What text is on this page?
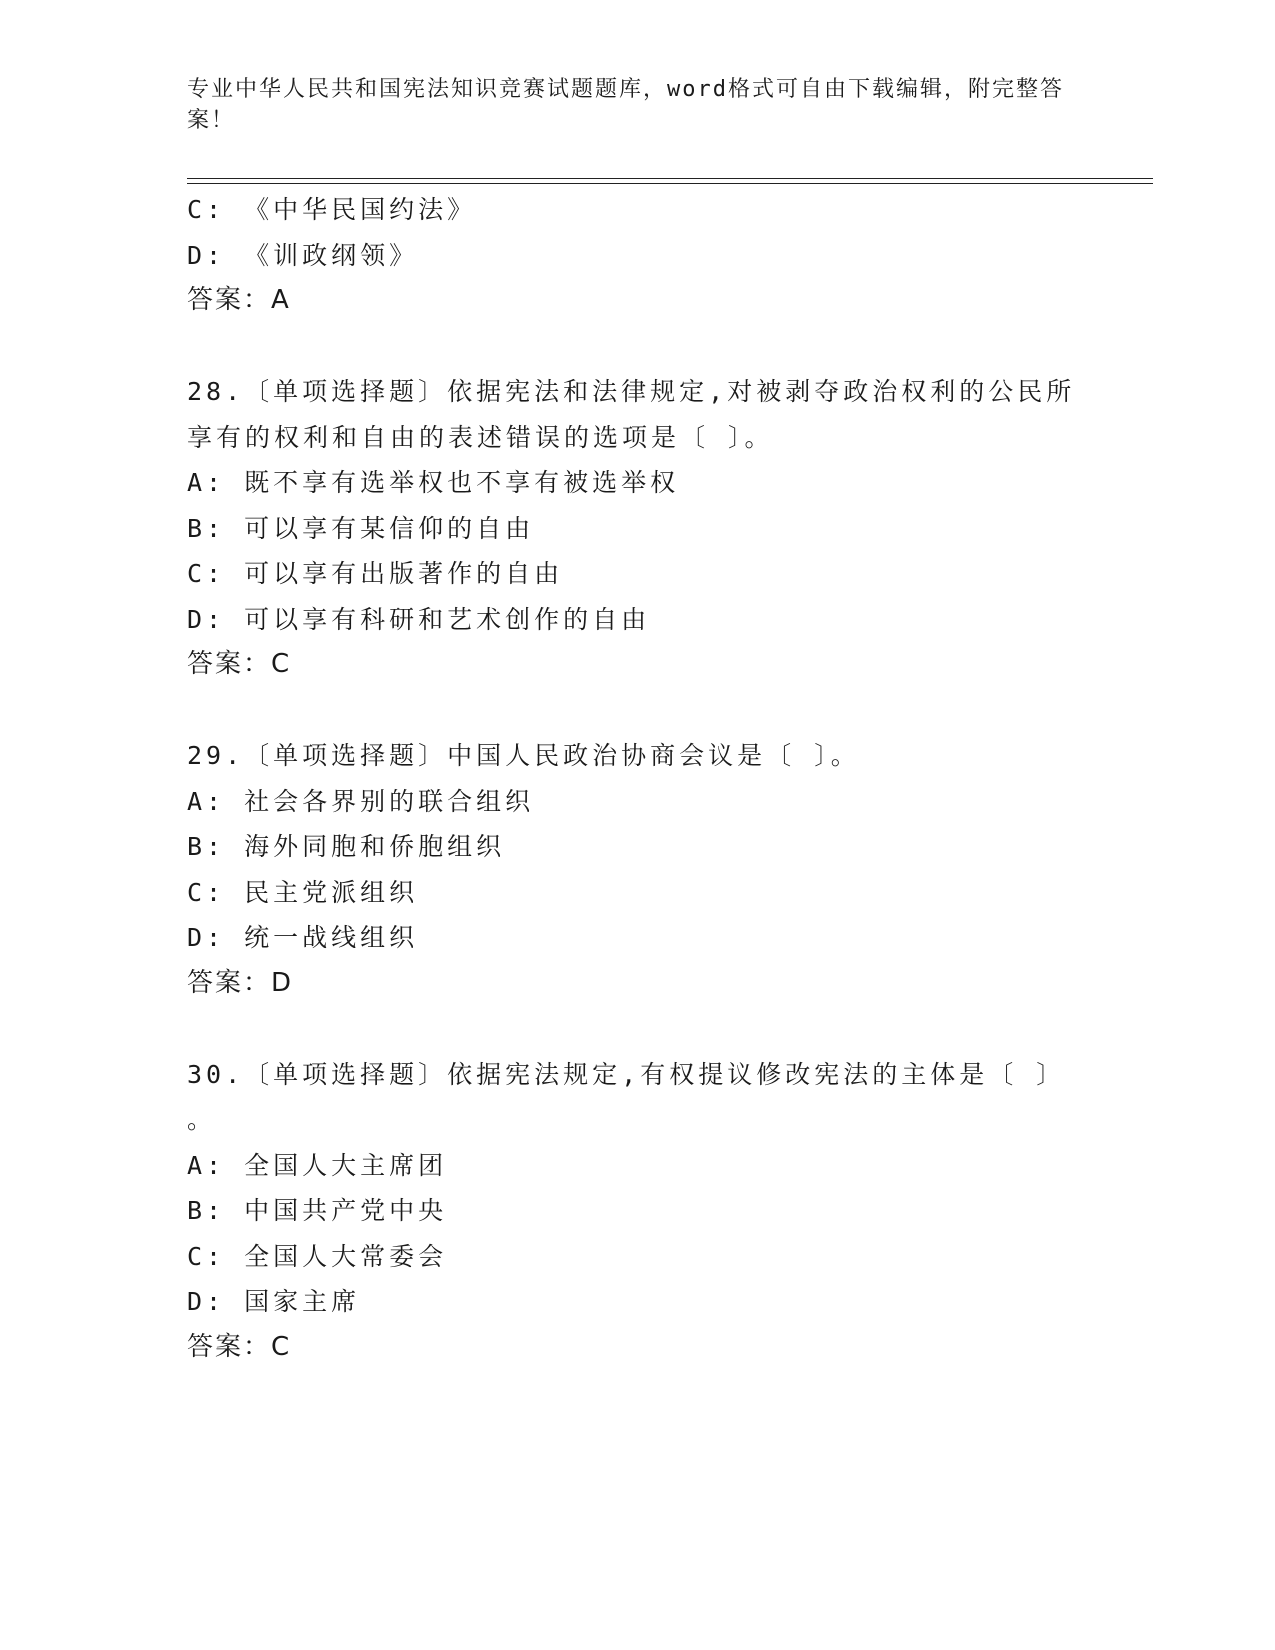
专业中华人民共和国宪法知识竞赛试题题库，word格式可自由下载编辑，附完整答案！
C: 《中华民国约法》
D: 《训政纲领》
答案：A
28.〔单项选择题〕依据宪法和法律规定,对被剥夺政治权利的公民所
享有的权利和自由的表述错误的选项是〔 〕。
A: 既不享有选举权也不享有被选举权
B: 可以享有某信仰的自由
C: 可以享有出版著作的自由
D: 可以享有科研和艺术创作的自由
答案：C
29.〔单项选择题〕中国人民政治协商会议是〔 〕。
A: 社会各界别的联合组织
B: 海外同胞和侨胞组织
C: 民主党派组织
D: 统一战线组织
答案：D
30.〔单项选择题〕依据宪法规定,有权提议修改宪法的主体是〔 〕
。
A: 全国人大主席团
B: 中国共产党中央
C: 全国人大常委会
D: 国家主席
答案：C
